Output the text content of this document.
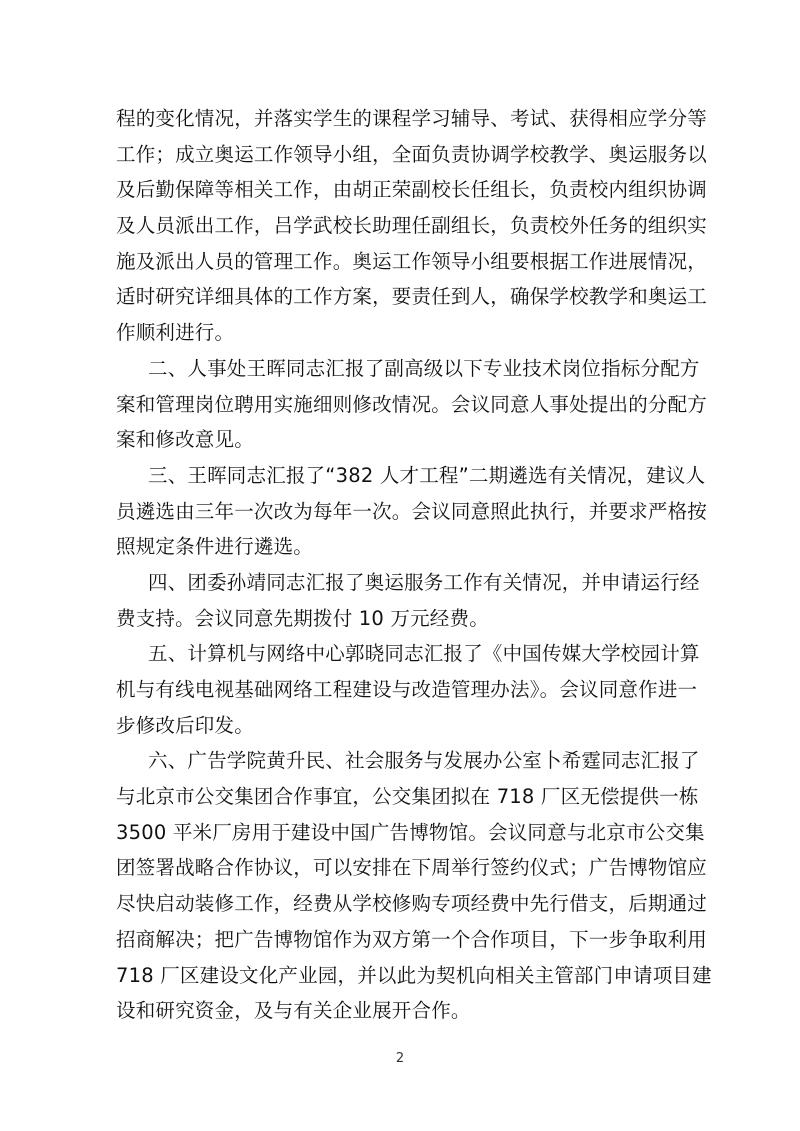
程的变化情况，并落实学生的课程学习辅导、考试、获得相应学分等
工作；成立奥运工作领导小组，全面负责协调学校教学、奥运服务以
及后勤保障等相关工作，由胡正荣副校长任组长，负责校内组织协调
及人员派出工作，吕学武校长助理任副组长，负责校外任务的组织实
施及派出人员的管理工作。奥运工作领导小组要根据工作进展情况，
适时研究详细具体的工作方案，要责任到人，确保学校教学和奥运工
作顺利进行。
二、人事处王晖同志汇报了副高级以下专业技术岗位指标分配方
案和管理岗位聘用实施细则修改情况。会议同意人事处提出的分配方
案和修改意见。
三、王晖同志汇报了“382 人才工程”二期遴选有关情况，建议人
员遴选由三年一次改为每年一次。会议同意照此执行，并要求严格按
照规定条件进行遴选。
四、团委孙靖同志汇报了奥运服务工作有关情况，并申请运行经
费支持。会议同意先期拨付 10 万元经费。
五、计算机与网络中心郭晓同志汇报了《中国传媒大学校园计算
机与有线电视基础网络工程建设与改造管理办法》。会议同意作进一
步修改后印发。
六、广告学院黄升民、社会服务与发展办公室卜希霆同志汇报了
与北京市公交集团合作事宜，公交集团拟在 718 厂区无偿提供一栋
3500 平米厂房用于建设中国广告博物馆。会议同意与北京市公交集
团签署战略合作协议，可以安排在下周举行签约仪式；广告博物馆应
尽快启动装修工作，经费从学校修购专项经费中先行借支，后期通过
招商解决；把广告博物馆作为双方第一个合作项目，下一步争取利用
718 厂区建设文化产业园，并以此为契机向相关主管部门申请项目建
设和研究资金，及与有关企业展开合作。
2
